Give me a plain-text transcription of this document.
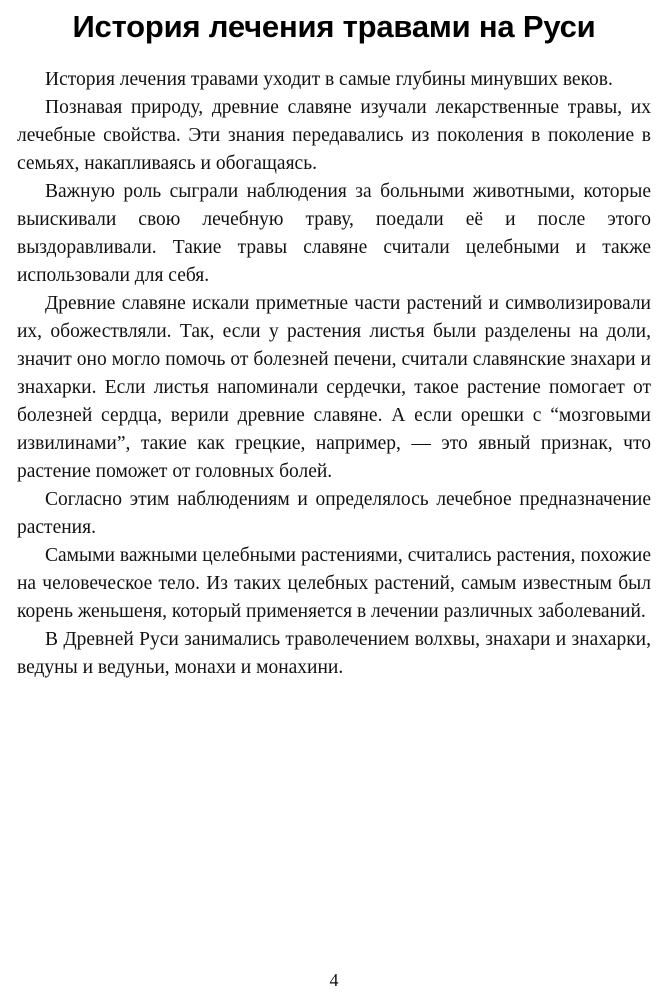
История лечения травами на Руси

История лечения травами уходит в самые глубины минувших веков.

Познавая природу, древние славяне изучали лекарственные травы, их лечебные свойства. Эти знания передавались из поколения в поколение в семьях, накапливаясь и обогащаясь.

Важную роль сыграли наблюдения за больными животными, которые выискивали свою лечебную траву, поедали её и после этого выздоравливали. Такие травы славяне считали целебными и также использовали для себя.

Древние славяне искали приметные части растений и символизировали их, обожествляли. Так, если у растения листья были разделены на доли, значит оно могло помочь от болезней печени, считали славянские знахари и знахарки. Если листья напоминали сердечки, такое растение помогает от болезней сердца, верили древние славяне. А если орешки с “мозговыми извилинами”, такие как грецкие, например, — это явный признак, что растение поможет от головных болей.

Согласно этим наблюдениям и определялось лечебное предназначение растения.

Самыми важными целебными растениями, считались растения, похожие на человеческое тело. Из таких целебных растений, самым известным был корень женьшеня, который применяется в лечении различных заболеваний.

В Древней Руси занимались траволечением волхвы, знахари и знахарки, ведуны и ведуньи, монахи и монахини.

4
